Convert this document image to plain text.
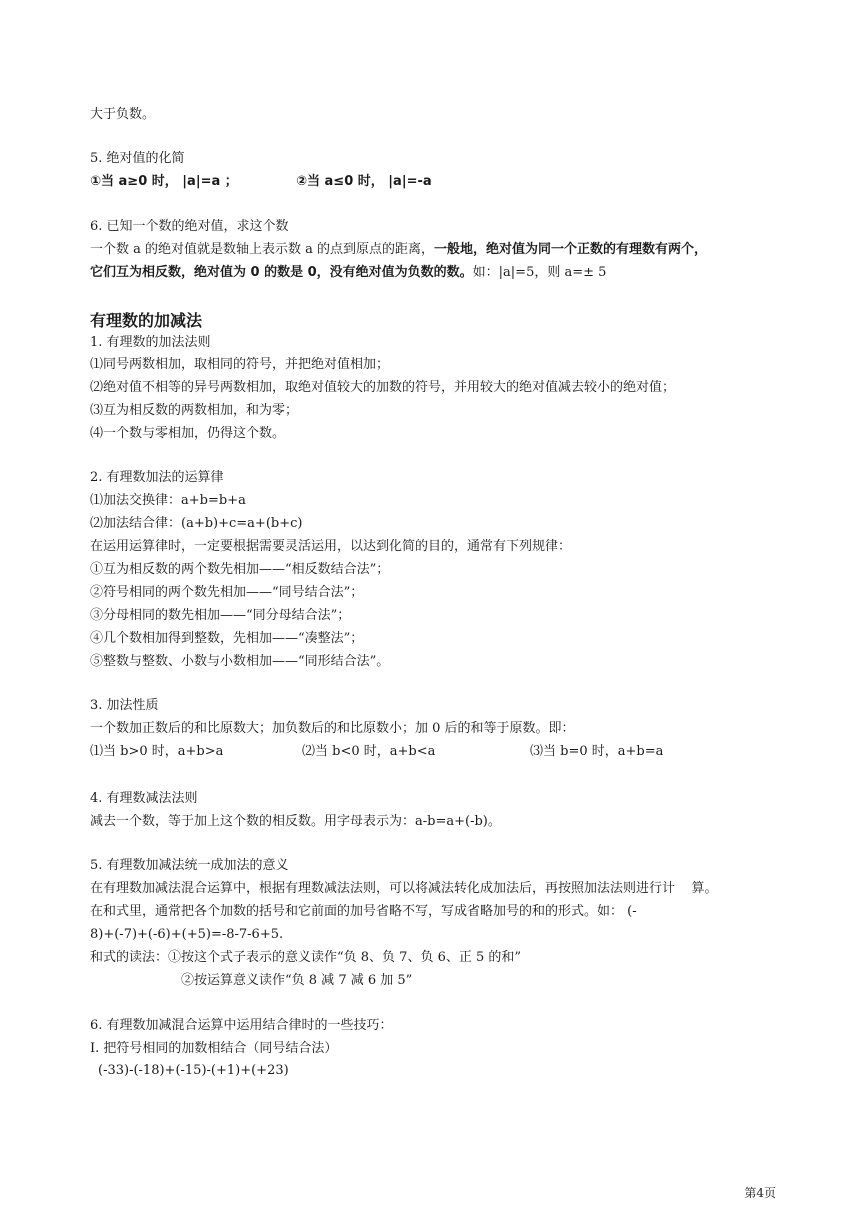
大于负数。
5. 绝对值的化简
①当 a≥0 时， |a|=a ；	②当 a≤0 时， |a|=-a
6. 已知一个数的绝对值，求这个数
一个数 a 的绝对值就是数轴上表示数 a 的点到原点的距离，一般地，绝对值为同一个正数的有理数有两个，
它们互为相反数，绝对值为 0 的数是 0，没有绝对值为负数的数。如：|a|=5，则 a=± 5
有理数的加减法
1. 有理数的加法法则
⑴同号两数相加，取相同的符号，并把绝对值相加；
⑵绝对值不相等的异号两数相加，取绝对值较大的加数的符号，并用较大的绝对值减去较小的绝对值；
⑶互为相反数的两数相加，和为零；
⑷一个数与零相加，仍得这个数。
2. 有理数加法的运算律
⑴加法交换律：a+b=b+a
⑵加法结合律：(a+b)+c=a+(b+c)
在运用运算律时，一定要根据需要灵活运用，以达到化简的目的，通常有下列规律：
①互为相反数的两个数先相加——“相反数结合法”；
②符号相同的两个数先相加——“同号结合法”；
③分母相同的数先相加——“同分母结合法”；
④几个数相加得到整数，先相加——“凑整法”；
⑤整数与整数、小数与小数相加——“同形结合法”。
3. 加法性质
一个数加正数后的和比原数大；加负数后的和比原数小；加 0 后的和等于原数。即：
⑴当 b>0 时，a+b>a	⑵当 b<0 时，a+b<a	⑶当 b=0 时，a+b=a
4. 有理数减法法则
减去一个数，等于加上这个数的相反数。用字母表示为：a-b=a+(-b)。
5. 有理数加减法统一成加法的意义
在有理数加减法混合运算中，根据有理数减法法则，可以将减法转化成加法后，再按照加法法则进行计    算。
在和式里，通常把各个加数的括号和它前面的加号省略不写，写成省略加号的和的形式。如： (-
8)+(-7)+(-6)+(+5)=-8-7-6+5.
和式的读法：①按这个式子表示的意义读作“负 8、负 7、负 6、正 5 的和”
②按运算意义读作“负 8 减 7 减 6 加 5”
6. 有理数加减混合运算中运用结合律时的一些技巧：
Ⅰ. 把符号相同的加数相结合（同号结合法）
(-33)-(-18)+(-15)-(+1)+(+23)
第4页
